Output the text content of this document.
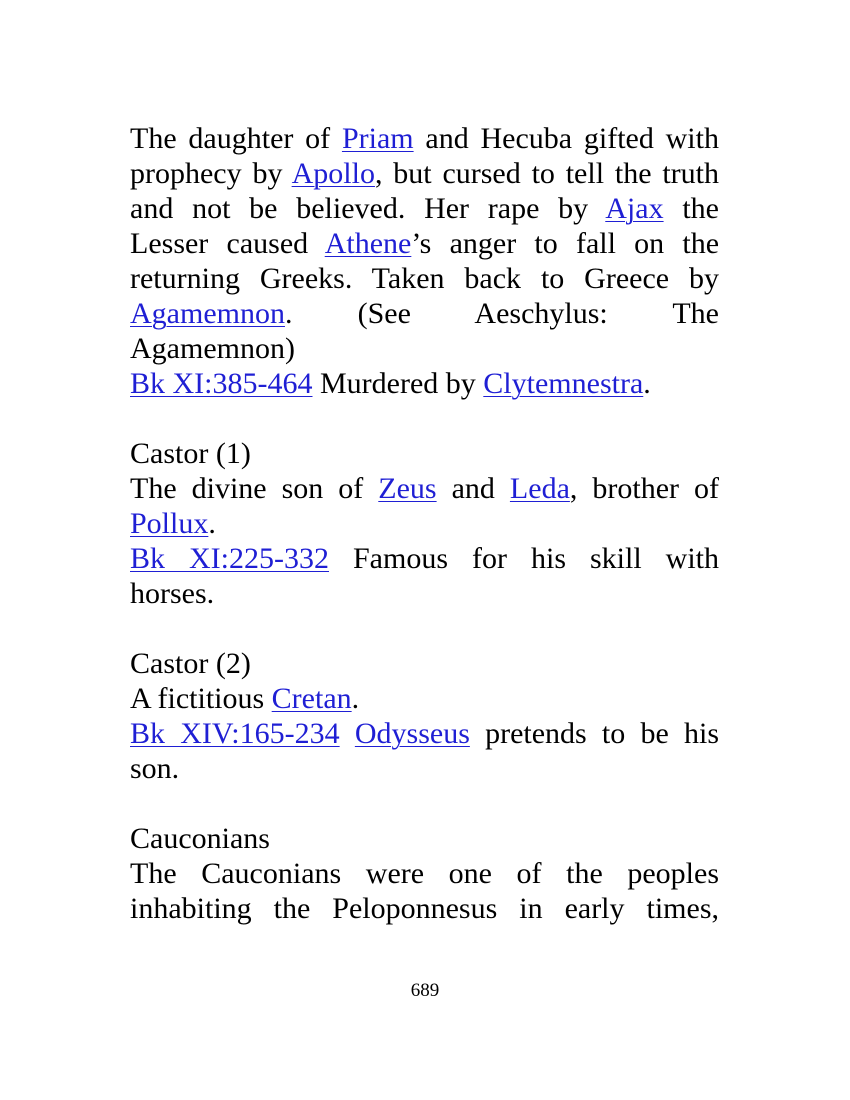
The daughter of Priam and Hecuba gifted with
prophecy by Apollo, but cursed to tell the truth
and not be believed. Her rape by Ajax the
Lesser caused Athene’s anger to fall on the
returning Greeks. Taken back to Greece by
Agamemnon. (See Aeschylus: The
Agamemnon)
Bk XI:385-464 Murdered by Clytemnestra.
Castor (1)
The divine son of Zeus and Leda, brother of
Pollux.
Bk XI:225-332 Famous for his skill with
horses.
Castor (2)
A fictitious Cretan.
Bk XIV:165-234 Odysseus pretends to be his
son.
Cauconians
The Cauconians were one of the peoples
inhabiting the Peloponnesus in early times,
689
